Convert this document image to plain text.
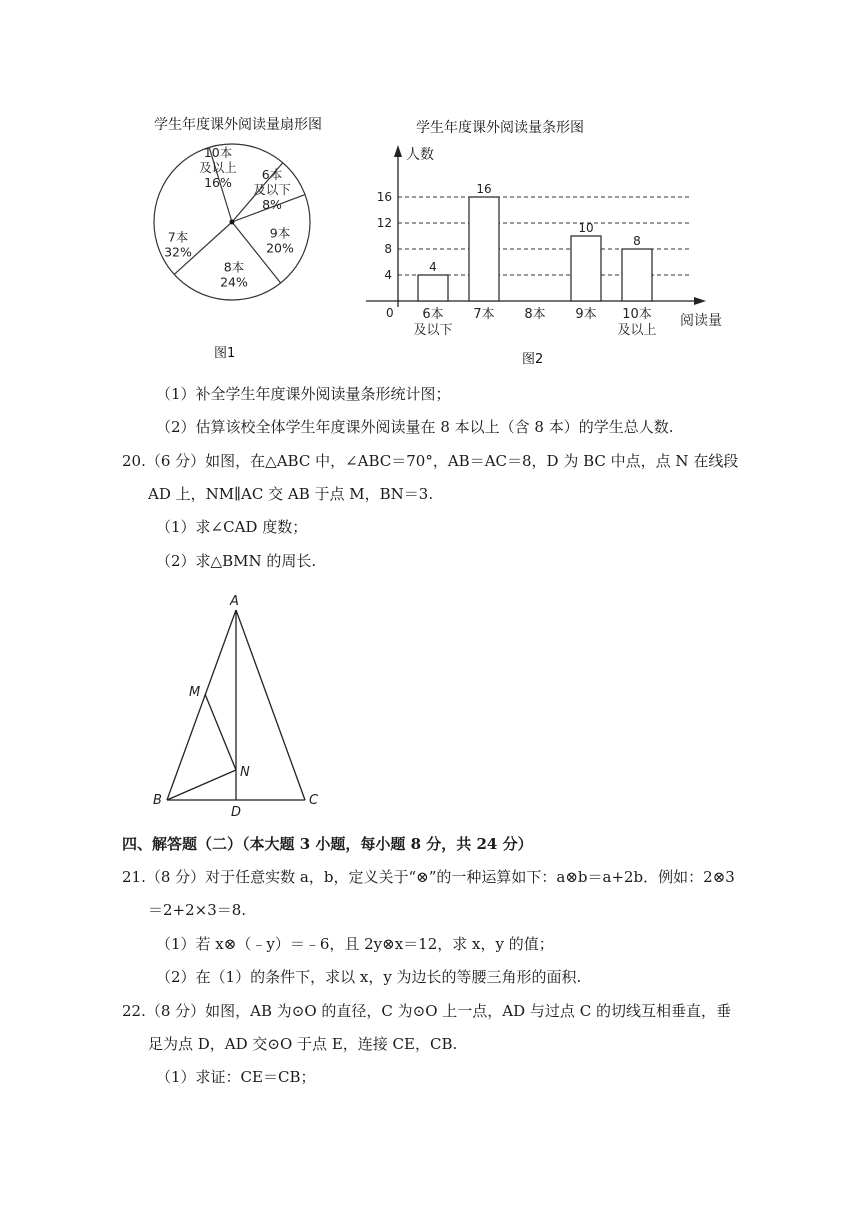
学生年度课外阅读量扇形图
10本
及以上
16%
6本
及以下
8%
9本
20%
8本
24%
7本
32%
图1
学生年度课外阅读量条形图
人数
阅读量
0
4
8
12
16
4
6本
及以下
16
7本 8本
10
9本
8
10本
及以上
图2
（1）补全学生年度课外阅读量条形统计图；
（2）估算该校全体学生年度课外阅读量在 8 本以上（含 8 本）的学生总人数.
20.（6 分）如图，在△ABC 中，∠ABC＝70°，AB＝AC＝8，D 为 BC 中点，点 N 在线段
AD 上，NM∥AC 交 AB 于点 M，BN＝3.
（1）求∠CAD 度数；
（2）求△BMN 的周长.
A
M
N
B
D
C
四、解答题（二）（本大题 3 小题，每小题 8 分，共 24 分）
21.（8 分）对于任意实数 a，b，定义关于“⊗”的一种运算如下：a⊗b＝a+2b．例如：2⊗3
＝2+2×3＝8.
（1）若 x⊗（﹣y）＝﹣6，且 2y⊗x＝12，求 x，y 的值；
（2）在（1）的条件下，求以 x，y 为边长的等腰三角形的面积.
22.（8 分）如图，AB 为⊙O 的直径，C 为⊙O 上一点，AD 与过点 C 的切线互相垂直，垂
足为点 D，AD 交⊙O 于点 E，连接 CE，CB.
（1）求证：CE＝CB；
